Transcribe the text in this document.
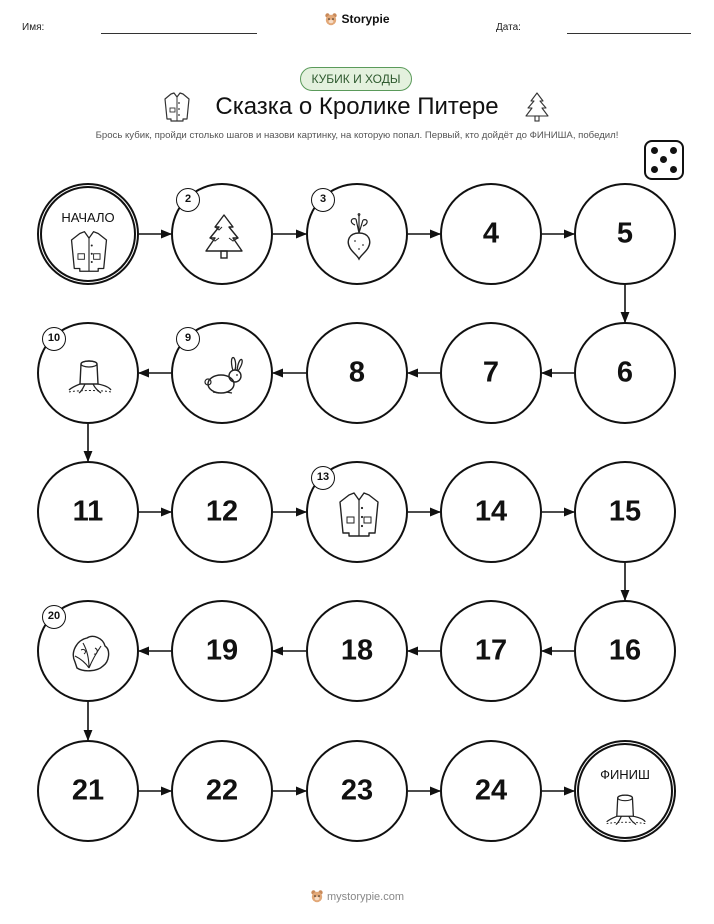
Имя:
Storypie
Дата:
КУБИК И ХОДЫ
Сказка о Кролике Питере
Брось кубик, пройди столько шагов и назови картинку, на которую попал. Первый, кто дойдёт до ФИНИША, победил!
НАЧАЛО
ФИНИШ
2	3
4	5
6
7
8
9
10
11	12
13
14	15
16
17
18
19
20
21	22	23	24
mystorypie.com
